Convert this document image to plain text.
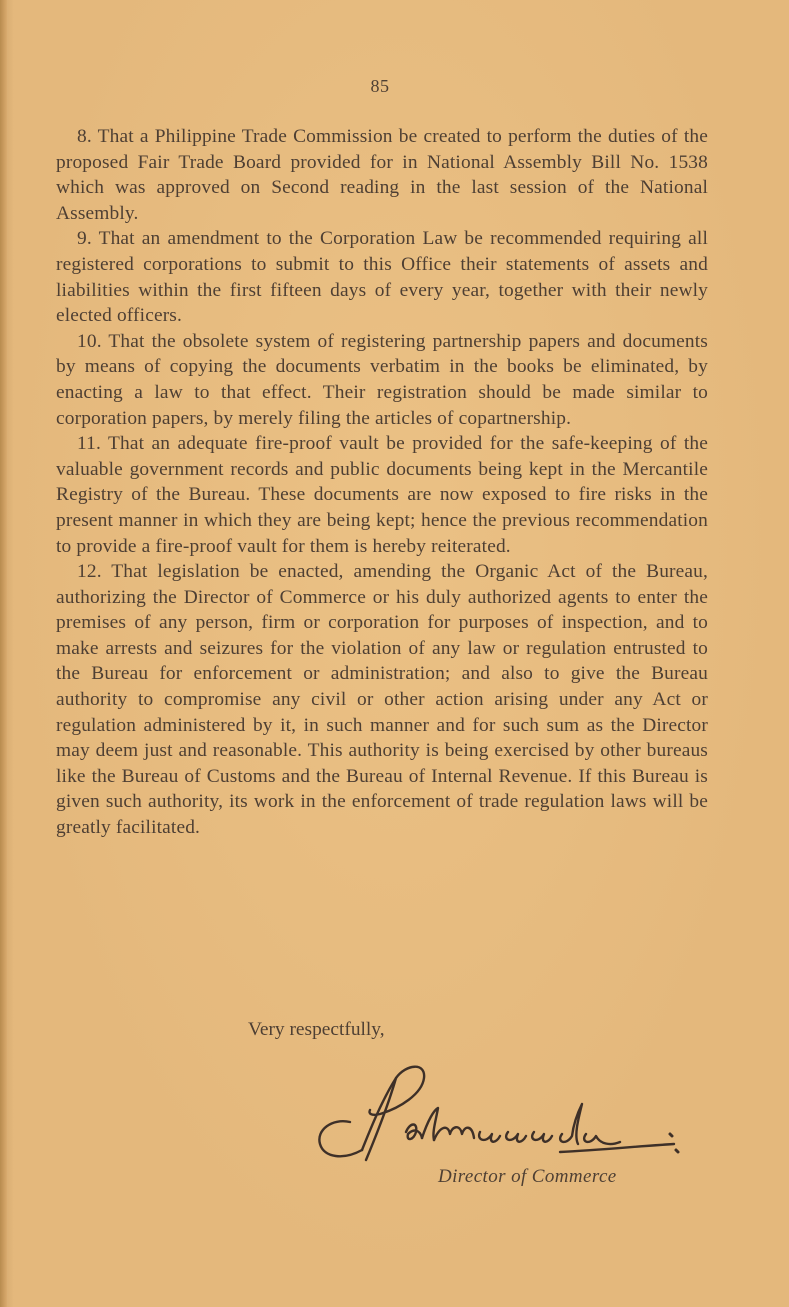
85

8. That a Philippine Trade Commission be created to perform the duties of the proposed Fair Trade Board provided for in National Assembly Bill No. 1538 which was approved on Second reading in the last session of the National Assembly.

9. That an amendment to the Corporation Law be recommended requiring all registered corporations to submit to this Office their statements of assets and liabilities within the first fifteen days of every year, together with their newly elected officers.

10. That the obsolete system of registering partnership papers and documents by means of copying the documents verbatim in the books be eliminated, by enacting a law to that effect. Their registration should be made similar to corporation papers, by merely filing the articles of copartnership.

11. That an adequate fire-proof vault be provided for the safe-keeping of the valuable government records and public documents being kept in the Mercantile Registry of the Bureau. These documents are now exposed to fire risks in the present manner in which they are being kept; hence the previous recommendation to provide a fire-proof vault for them is hereby reiterated.

12. That legislation be enacted, amending the Organic Act of the Bureau, authorizing the Director of Commerce or his duly authorized agents to enter the premises of any person, firm or corporation for purposes of inspection, and to make arrests and seizures for the violation of any law or regulation entrusted to the Bureau for enforcement or administration; and also to give the Bureau authority to compromise any civil or other action arising under any Act or regulation administered by it, in such manner and for such sum as the Director may deem just and reasonable. This authority is being exercised by other bureaus like the Bureau of Customs and the Bureau of Internal Revenue. If this Bureau is given such authority, its work in the enforcement of trade regulation laws will be greatly facilitated.

Very respectfully,
Director of Commerce
